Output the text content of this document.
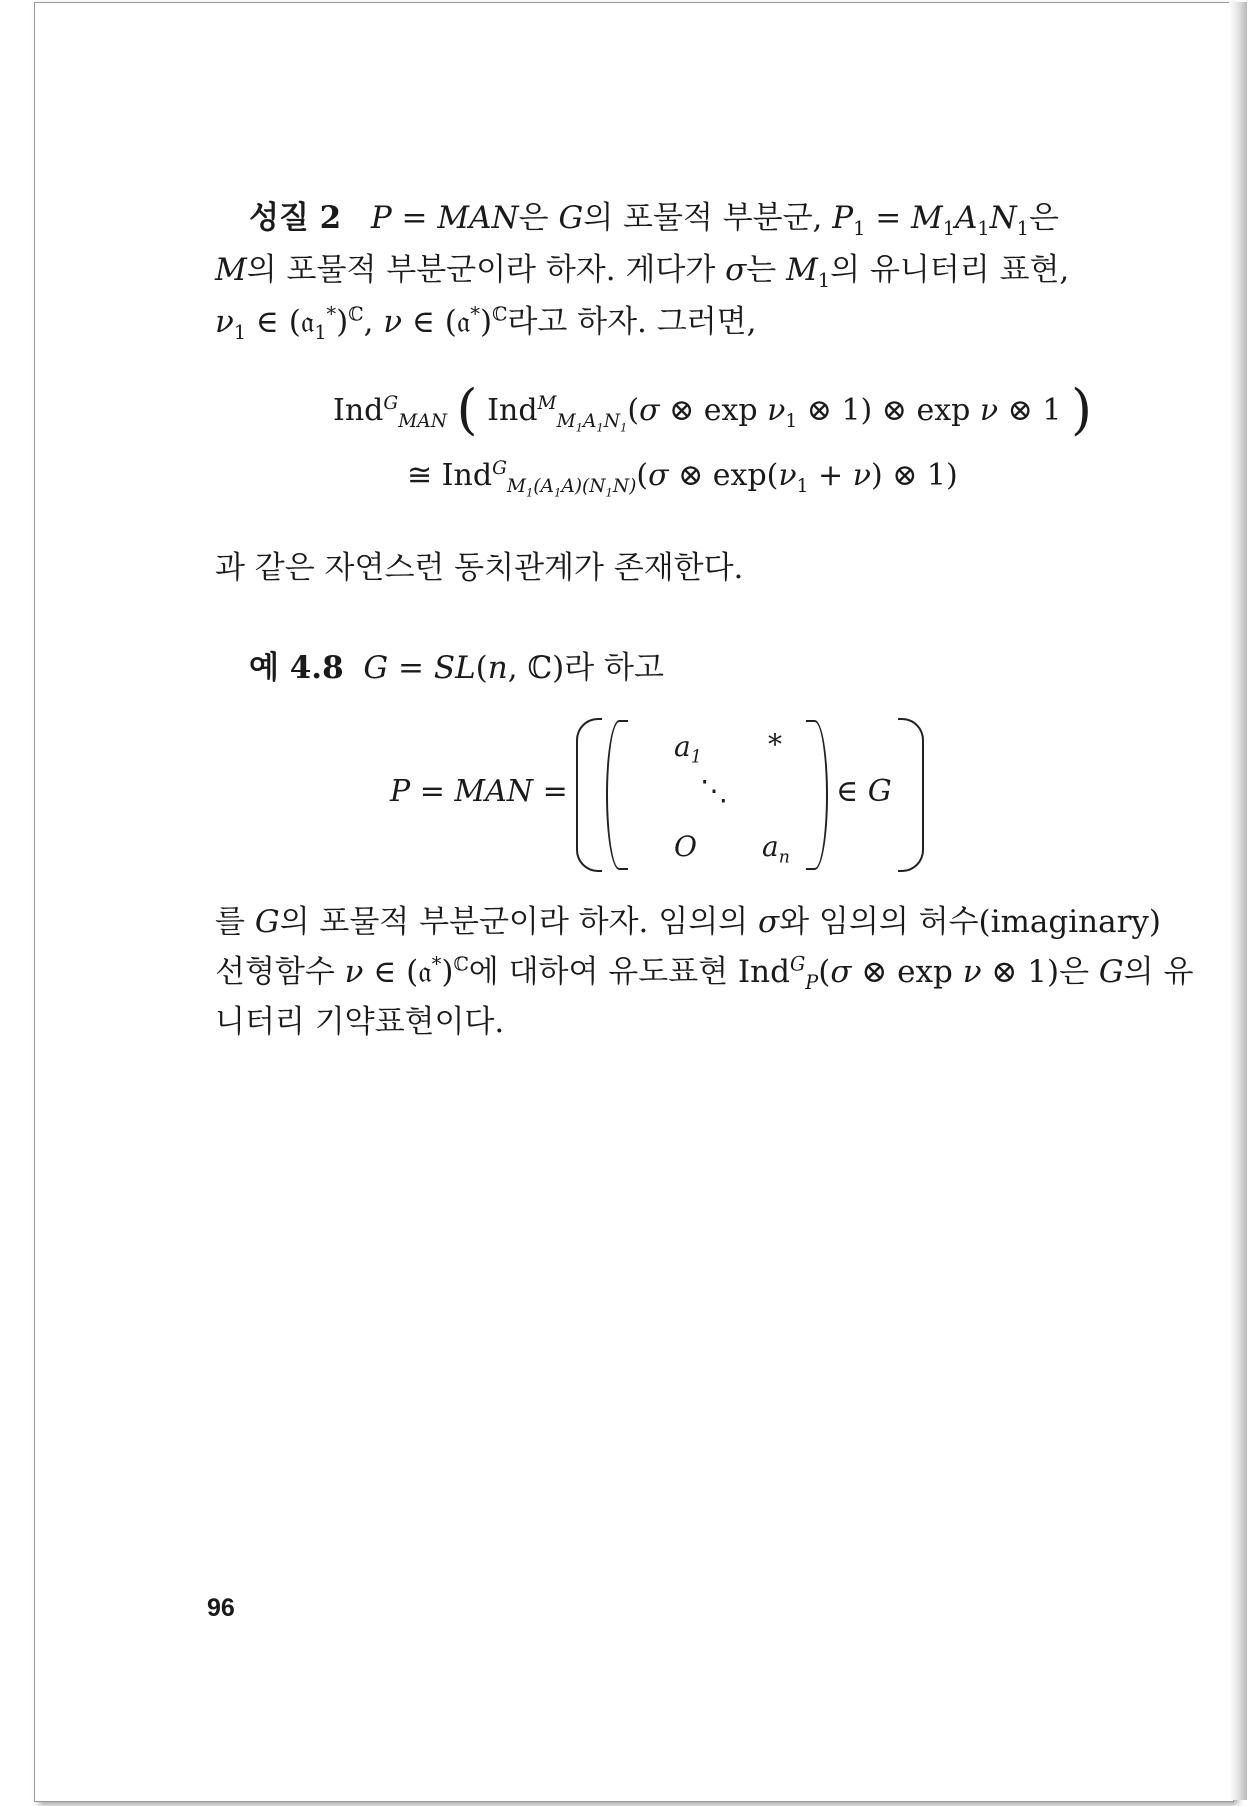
성질 2 P = MAN은 G의 포물적 부분군, $P_1 = M_1A_1N_1$은
M의 포물적 부분군이라 하자. 게다가 σ는 $M_1$의 유니터리 표현,
$\nu_1$ ∈ (𝔞$_1$*)$^ℂ$, ν ∈ (𝔞*)$^ℂ$라고 하자. 그러면,
Ind$^G_{MAN}$ ( Ind$^M_{M_1A_1N_1}$(σ ⊗ $\exp \nu_1$ ⊗ 1) ⊗ exp ν ⊗ 1 )
≅ Ind$^G_{M_1(A_1A)(N_1N)}$(σ ⊗ $\exp(\nu_1 + \nu)$ ⊗ 1)
과 같은 자연스런 동치관계가 존재한다.
예 4.8 G = SL(n, ℂ)라 하고
P = MAN =
$a_1$ *
⋱
O $a_n$
∈ G
를 G의 포물적 부분군이라 하자. 임의의 σ와 임의의 허수(imaginary)
선형함수 ν ∈ (𝔞*)$^ℂ$에 대하여 유도표현 Ind$^G_P$(σ ⊗ exp ν ⊗ 1)은 G의 유
니터리 기약표현이다.
96
